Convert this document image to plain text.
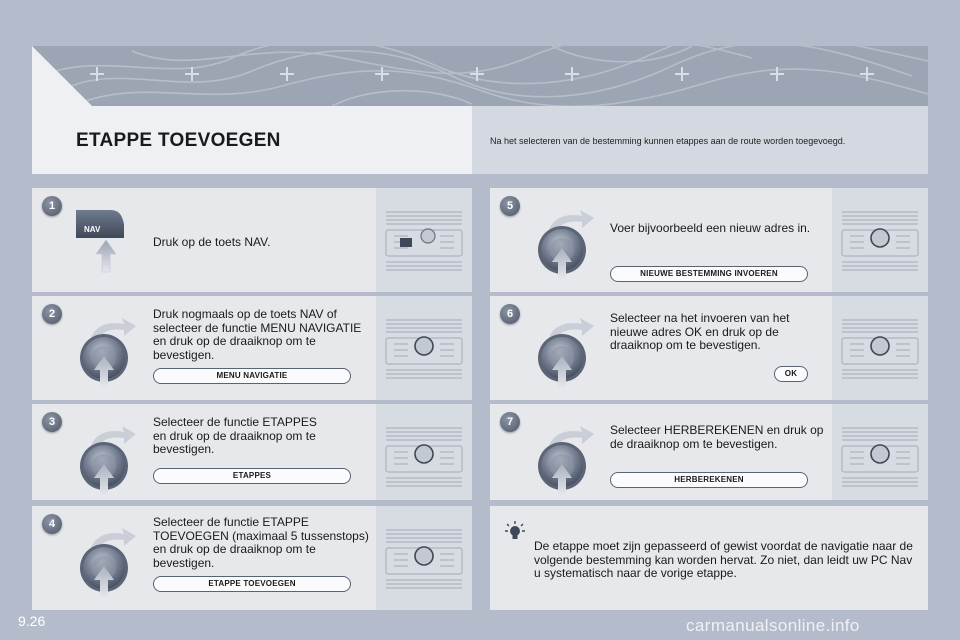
ETAPPE TOEVOEGEN	Na het selecteren van de bestemming kunnen etappes aan de route worden toegevoegd.
1
NAV
Druk op de toets NAV.
2	Druk nogmaals op de toets NAV of selecteer de functie MENU NAVIGATIE en druk op de draaiknop om te bevestigen.
MENU NAVIGATIE
3	Selecteer de functie ETAPPES en druk op de draaiknop om te bevestigen.
ETAPPES
4	Selecteer de functie ETAPPE TOEVOEGEN (maximaal 5 tussenstops) en druk op de draaiknop om te bevestigen.
ETAPPE TOEVOEGEN
5
Voer bijvoorbeeld een nieuw adres in.
NIEUWE BESTEMMING INVOEREN
6	Selecteer na het invoeren van het nieuwe adres OK en druk op de draaiknop om te bevestigen.
OK
7
Selecteer HERBEREKENEN en druk op de draaiknop om te bevestigen.
HERBEREKENEN
De etappe moet zijn gepasseerd of gewist voordat de navigatie naar de volgende bestemming kan worden hervat. Zo niet, dan leidt uw PC Nav u systematisch naar de vorige etappe.
9.26	carmanualsonline.info
